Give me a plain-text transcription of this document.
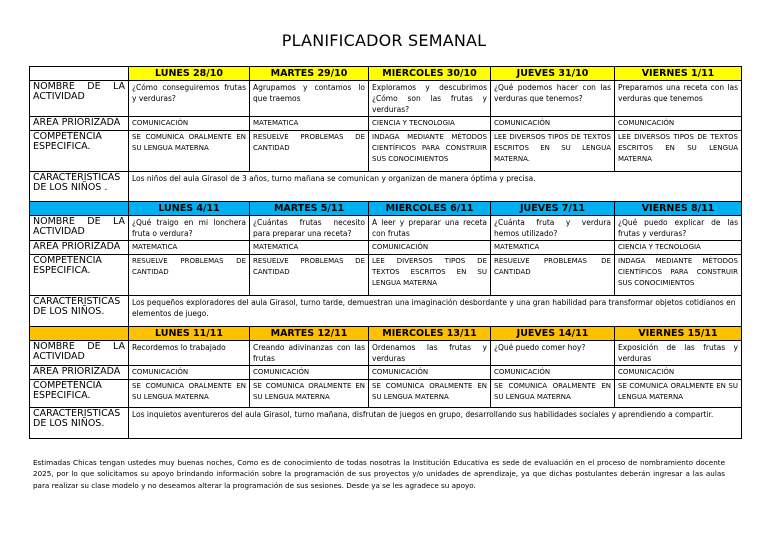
PLANIFICADOR SEMANAL
	LUNES 28/10	MARTES 29/10	MIERCOLES 30/10	JUEVES 31/10	VIERNES 1/11
NOMBRE DE LA ACTIVIDAD	¿Cómo conseguiremos frutas y verduras?	Agrupamos y contamos lo que traemos	Exploramos y descubrimos ¿Cómo son las frutas y verduras?	¿Qué podemos hacer con las verduras que tenemos?	Preparamos una receta con las verduras que tenemos
AREA PRIORIZADA	COMUNICACIÓN	MATEMATICA	CIENCIA Y TECNOLOGIA	COMUNICACIÓN	COMUNICACIÓN
COMPETENCIA ESPECIFICA.	SE COMUNICA ORALMENTE EN SU LENGUA MATERNA	RESUELVE PROBLEMAS DE CANTIDAD	INDAGA MEDIANTE MÉTODOS CIENTÍFICOS PARA CONSTRUIR SUS CONOCIMIENTOS	LEE DIVERSOS TIPOS DE TEXTOS ESCRITOS EN SU LENGUA MATERNA.	LEE DIVERSOS TIPOS DE TEXTOS ESCRITOS EN SU LENGUA MATERNA
CARACTERISTICAS DE LOS NIÑOS .	Los niños del aula Girasol de 3 años, turno mañana se comunican y organizan de manera óptima y precisa.				
	LUNES 4/11	MARTES 5/11	MIERCOLES 6/11	JUEVES 7/11	VIERNES 8/11
NOMBRE DE LA ACTIVIDAD	¿Qué traigo en mi lonchera fruta o verdura?	¿Cuántas frutas necesito para preparar una receta?	A leer y preparar una receta con frutas	¿Cuánta fruta y verdura hemos utilizado?	¿Qué puedo explicar de las frutas y verduras?
AREA PRIORIZADA	MATEMATICA	MATEMATICA	COMUNICACIÓN	MATEMATICA	CIENCIA Y TECNOLOGIA
COMPETENCIA ESPECIFICA.	RESUELVE PROBLEMAS DE CANTIDAD	RESUELVE PROBLEMAS DE CANTIDAD	LEE DIVERSOS TIPOS DE TEXTOS ESCRITOS EN SU LENGUA MATERNA	RESUELVE PROBLEMAS DE CANTIDAD	INDAGA MEDIANTE MÉTODOS CIENTÍFICOS PARA CONSTRUIR SUS CONOCIMIENTOS
CARACTERISTICAS DE LOS NIÑOS.	Los pequeños exploradores del aula Girasol, turno tarde, demuestran una imaginación desbordante y una gran habilidad para transformar objetos cotidianos en elementos de juego.				
	LUNES 11/11	MARTES 12/11	MIERCOLES 13/11	JUEVES 14/11	VIERNES 15/11
NOMBRE DE LA ACTIVIDAD	Recordemos lo trabajado	Creando adivinanzas con las frutas	Ordenamos las frutas y verduras	¿Qué puedo comer hoy?	Exposición de las frutas y verduras
AREA PRIORIZADA	COMUNICACIÓN	COMUNICACIÓN	COMUNICACIÓN	COMUNICACIÓN	COMUNICACIÓN
COMPETENCIA ESPECIFICA.	SE COMUNICA ORALMENTE EN SU LENGUA MATERNA	SE COMUNICA ORALMENTE EN SU LENGUA MATERNA	SE COMUNICA ORALMENTE EN SU LENGUA MATERNA	SE COMUNICA ORALMENTE EN SU LENGUA MATERNA	SE COMUNICA ORALMENTE EN SU LENGUA MATERNA
CARACTERISTICAS DE LOS NIÑOS.	Los inquietos aventureros del aula Girasol, turno mañana, disfrutan de juegos en grupo, desarrollando sus habilidades sociales y aprendiendo a compartir.				
Estimadas Chicas tengan ustedes muy buenas noches, Como es de conocimiento de todas nosotras la Institución Educativa es sede de evaluación en el proceso de nombramiento docente 2025, por lo que solicitamos su apoyo brindando información sobre la programación de sus proyectos y/o unidades de aprendizaje, ya que dichas postulantes deberán ingresar a las aulas para realizar su clase modelo y no deseamos alterar la programación de sus sesiones. Desde ya se les agradece su apoyo.
